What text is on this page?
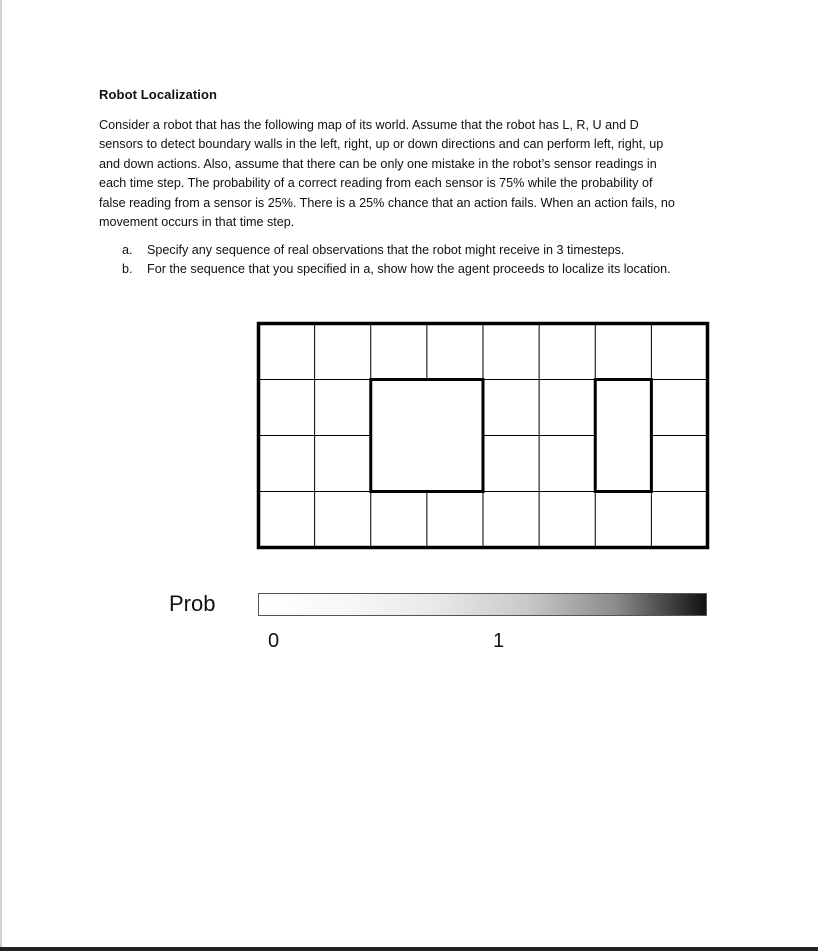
Robot Localization
Consider a robot that has the following map of its world. Assume that the robot has L, R, U and D
sensors to detect boundary walls in the left, right, up or down directions and can perform left, right, up
and down actions. Also, assume that there can be only one mistake in the robot’s sensor readings in
each time step. The probability of a correct reading from each sensor is 75% while the probability of
false reading from a sensor is 25%. There is a 25% chance that an action fails. When an action fails, no
movement occurs in that time step.
a. Specify any sequence of real observations that the robot might receive in 3 timesteps.
b. For the sequence that you specified in a, show how the agent proceeds to localize its location.
Prob
0	1
